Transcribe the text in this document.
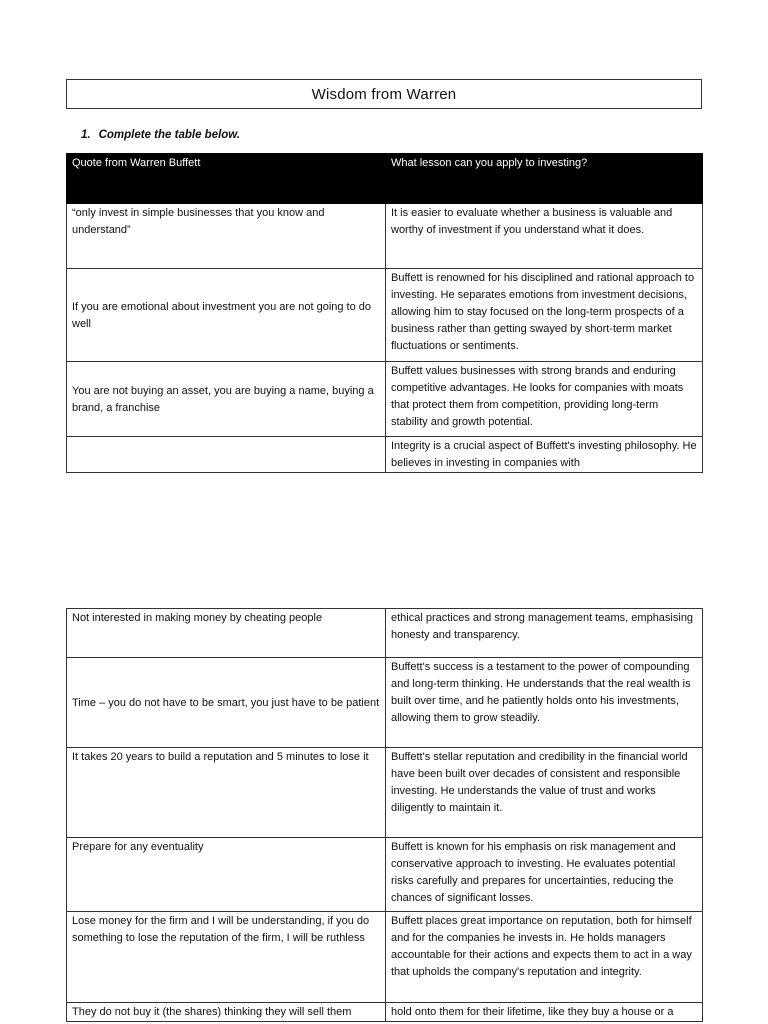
Wisdom from Warren
1. Complete the table below.
Quote from Warren Buffett	What lesson can you apply to investing?
“only invest in simple businesses that you know and understand”	It is easier to evaluate whether a business is valuable and worthy of investment if you understand what it does.
If you are emotional about investment you are not going to do well	Buffett is renowned for his disciplined and rational approach to investing. He separates emotions from investment decisions, allowing him to stay focused on the long-term prospects of a business rather than getting swayed by short-term market fluctuations or sentiments.
You are not buying an asset, you are buying a name, buying a brand, a franchise	Buffett values businesses with strong brands and enduring competitive advantages. He looks for companies with moats that protect them from competition, providing long-term stability and growth potential.
	Integrity is a crucial aspect of Buffett's investing philosophy. He believes in investing in companies with
Not interested in making money by cheating people	ethical practices and strong management teams, emphasising honesty and transparency.
Time – you do not have to be smart, you just have to be patient	Buffett's success is a testament to the power of compounding and long-term thinking. He understands that the real wealth is built over time, and he patiently holds onto his investments, allowing them to grow steadily.
It takes 20 years to build a reputation and 5 minutes to lose it	Buffett's stellar reputation and credibility in the financial world have been built over decades of consistent and responsible investing. He understands the value of trust and works diligently to maintain it.
Prepare for any eventuality	Buffett is known for his emphasis on risk management and conservative approach to investing. He evaluates potential risks carefully and prepares for uncertainties, reducing the chances of significant losses.
Lose money for the firm and I will be understanding, if you do something to lose the reputation of the firm, I will be ruthless	Buffett places great importance on reputation, both for himself and for the companies he invests in. He holds managers accountable for their actions and expects them to act in a way that upholds the company's reputation and integrity.
They do not buy it (the shares) thinking they will sell them	hold onto them for their lifetime, like they buy a house or a
